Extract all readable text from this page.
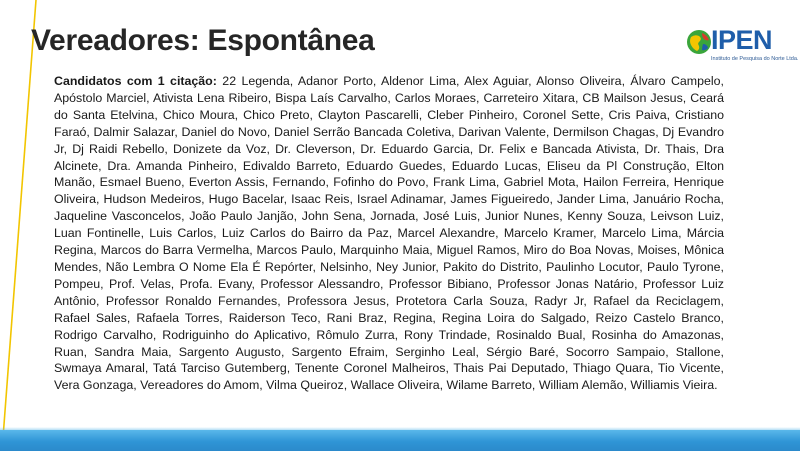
Vereadores: Espontânea	IPEN
Instituto de Pesquisa do Norte Ltda.

Candidatos com 1 citação: 22 Legenda, Adanor Porto, Aldenor Lima, Alex Aguiar, Alonso Oliveira, Álvaro Campelo, Apóstolo Marciel, Ativista Lena Ribeiro, Bispa Laís Carvalho, Carlos Moraes, Carreteiro Xitara, CB Mailson Jesus, Ceará do Santa Etelvina, Chico Moura, Chico Preto, Clayton Pascarelli, Cleber Pinheiro, Coronel Sette, Cris Paiva, Cristiano Faraó, Dalmir Salazar, Daniel do Novo, Daniel Serrão Bancada Coletiva, Darivan Valente, Dermilson Chagas, Dj Evandro Jr, Dj Raidi Rebello, Donizete da Voz, Dr. Cleverson, Dr. Eduardo Garcia, Dr. Felix e Bancada Ativista, Dr. Thais, Dra Alcinete, Dra. Amanda Pinheiro, Edivaldo Barreto, Eduardo Guedes, Eduardo Lucas, Eliseu da Pl Construção, Elton Manão, Esmael Bueno, Everton Assis, Fernando, Fofinho do Povo, Frank Lima, Gabriel Mota, Hailon Ferreira, Henrique Oliveira, Hudson Medeiros, Hugo Bacelar, Isaac Reis, Israel Adinamar, James Figueiredo, Jander Lima, Januário Rocha, Jaqueline Vasconcelos, João Paulo Janjão, John Sena, Jornada, José Luis, Junior Nunes, Kenny Souza, Leivson Luiz, Luan Fontinelle, Luis Carlos, Luiz Carlos do Bairro da Paz, Marcel Alexandre, Marcelo Kramer, Marcelo Lima, Márcia Regina, Marcos do Barra Vermelha, Marcos Paulo, Marquinho Maia, Miguel Ramos, Miro do Boa Novas, Moises, Mônica Mendes, Não Lembra O Nome Ela É Repórter, Nelsinho, Ney Junior, Pakito do Distrito, Paulinho Locutor, Paulo Tyrone, Pompeu, Prof. Velas, Profa. Evany, Professor Alessandro, Professor Bibiano, Professor Jonas Natário, Professor Luiz Antônio, Professor Ronaldo Fernandes, Professora Jesus, Protetora Carla Souza, Radyr Jr, Rafael da Reciclagem, Rafael Sales, Rafaela Torres, Raiderson Teco, Rani Braz, Regina, Regina Loira do Salgado, Reizo Castelo Branco, Rodrigo Carvalho, Rodriguinho do Aplicativo, Rômulo Zurra, Rony Trindade, Rosinaldo Bual, Rosinha do Amazonas, Ruan, Sandra Maia, Sargento Augusto, Sargento Efraim, Serginho Leal, Sérgio Baré, Socorro Sampaio, Stallone, Swmaya Amaral, Tatá Tarciso Gutemberg, Tenente Coronel Malheiros, Thais Pai Deputado, Thiago Quara, Tio Vicente, Vera Gonzaga, Vereadores do Amom, Vilma Queiroz, Wallace Oliveira, Wilame Barreto, William Alemão, Williamis Vieira.
